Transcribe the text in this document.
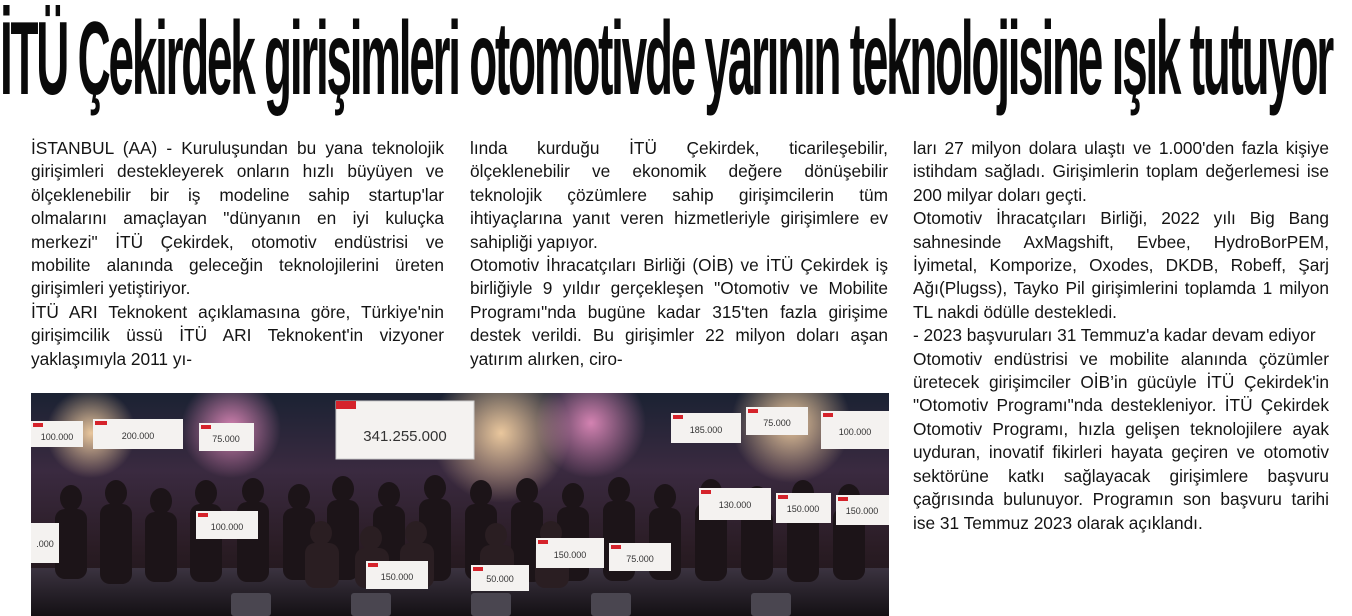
İTÜ Çekirdek girişimleri otomotivde yarının teknolojisine ışık tutuyor

İSTANBUL (AA) - Kuruluşundan bu yana teknolojik girişimleri destekleyerek onların hızlı büyüyen ve ölçeklenebilir bir iş modeline sahip startup'lar olmalarını amaçlayan "dünyanın en iyi kuluçka merkezi" İTÜ Çekirdek, otomotiv endüstrisi ve mobilite alanında geleceğin teknolojilerini üreten girişimleri yetiştiriyor.

İTÜ ARI Teknokent açıklamasına göre, Türkiye'nin girişimcilik üssü İTÜ ARI Teknokent'in vizyoner yaklaşımıyla 2011 yı-

lında kurduğu İTÜ Çekirdek, ticarileşebilir, ölçeklenebilir ve ekonomik değere dönüşebilir teknolojik çözümlere sahip girişimcilerin tüm ihtiyaçlarına yanıt veren hizmetleriyle girişimlere ev sahipliği yapıyor.

Otomotiv İhracatçıları Birliği (OİB) ve İTÜ Çekirdek iş birliğiyle 9 yıldır gerçekleşen "Otomotiv ve Mobilite Programı"nda bugüne kadar 315'ten fazla girişime destek verildi. Bu girişimler 22 milyon doları aşan yatırım alırken, ciro-

ları 27 milyon dolara ulaştı ve 1.000'den fazla kişiye istihdam sağladı. Girişimlerin toplam değerlemesi ise 200 milyar doları geçti.

Otomotiv İhracatçıları Birliği, 2022 yılı Big Bang sahnesinde AxMagshift, Evbee, HydroBorPEM, İyimetal, Komporize, Oxodes, DKDB, Robeff, Şarj Ağı(Plugss), Tayko Pil girişimlerini toplamda 1 milyon TL nakdi ödülle destekledi.

- 2023 başvuruları 31 Temmuz'a kadar devam ediyor

Otomotiv endüstrisi ve mobilite alanında çözümler üretecek girişimciler OİB’in gücüyle İTÜ Çekirdek'in "Otomotiv Programı"nda destekleniyor. İTÜ Çekirdek Otomotiv Programı, hızla gelişen teknolojilere ayak uyduran, inovatif fikirleri hayata geçiren ve otomotiv sektörüne katkı sağlayacak girişimlere başvuru çağrısında bulunuyor. Programın son başvuru tarihi ise 31 Temmuz 2023 olarak açıklandı.

341.255.000
100.000	200.000	75.000
185.000
75.000
100.000
100.000
130.000	150.000	150.000
150.000	50.000
75.000
150.000
.000
